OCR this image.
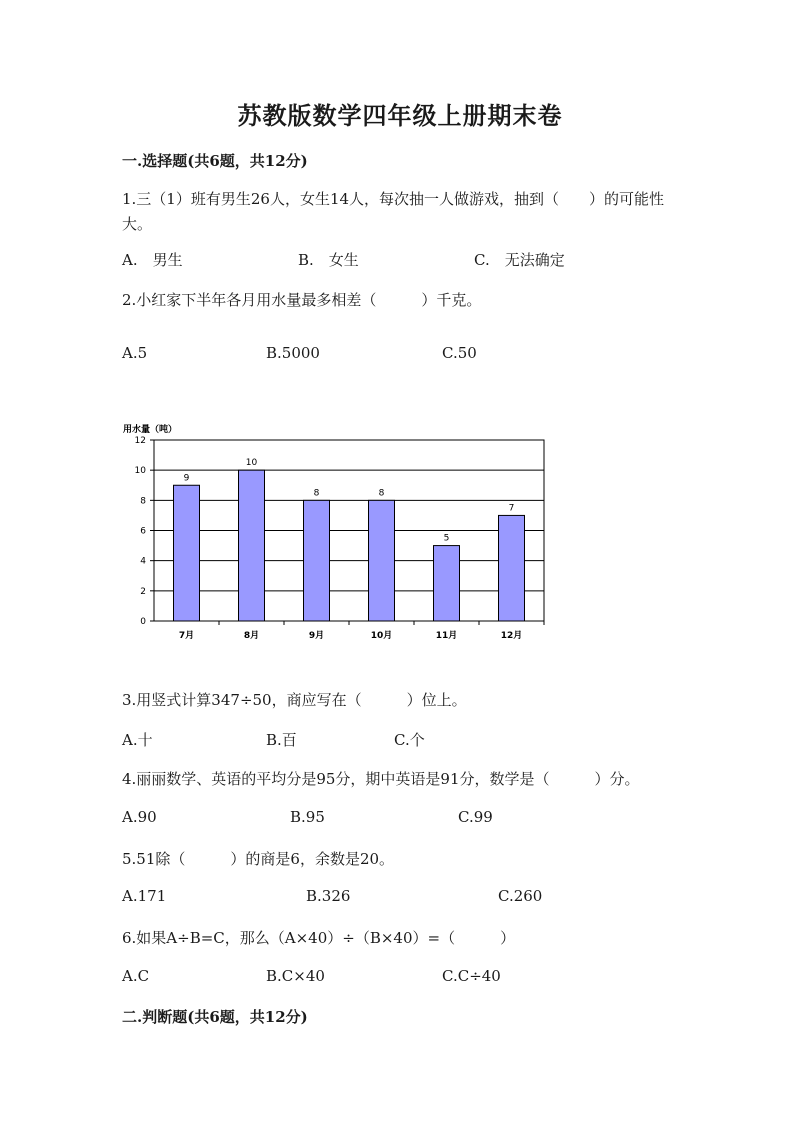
苏教版数学四年级上册期末卷
一.选择题(共6题，共12分)
1.三（1）班有男生26人，女生14人，每次抽一人做游戏，抽到（　　）的可能性大。
A.　男生	B.　女生	C.　无法确定
2.小红家下半年各月用水量最多相差（　　　）千克。
A.5	B.5000	C.50
用水量（吨）
0
2
4
6
8
10
12
9
7月
10
8月
8
9月
8
10月
5
11月
7
12月
3.用竖式计算347÷50，商应写在（　　　）位上。
A.十	B.百	C.个
4.丽丽数学、英语的平均分是95分，期中英语是91分，数学是（　　　）分。
A.90	B.95	C.99
5.51除（　　　）的商是6，余数是20。
A.171	B.326	C.260
6.如果A÷B=C，那么（A×40）÷（B×40）=（　　　）
A.C	B.C×40	C.C÷40
二.判断题(共6题，共12分)
